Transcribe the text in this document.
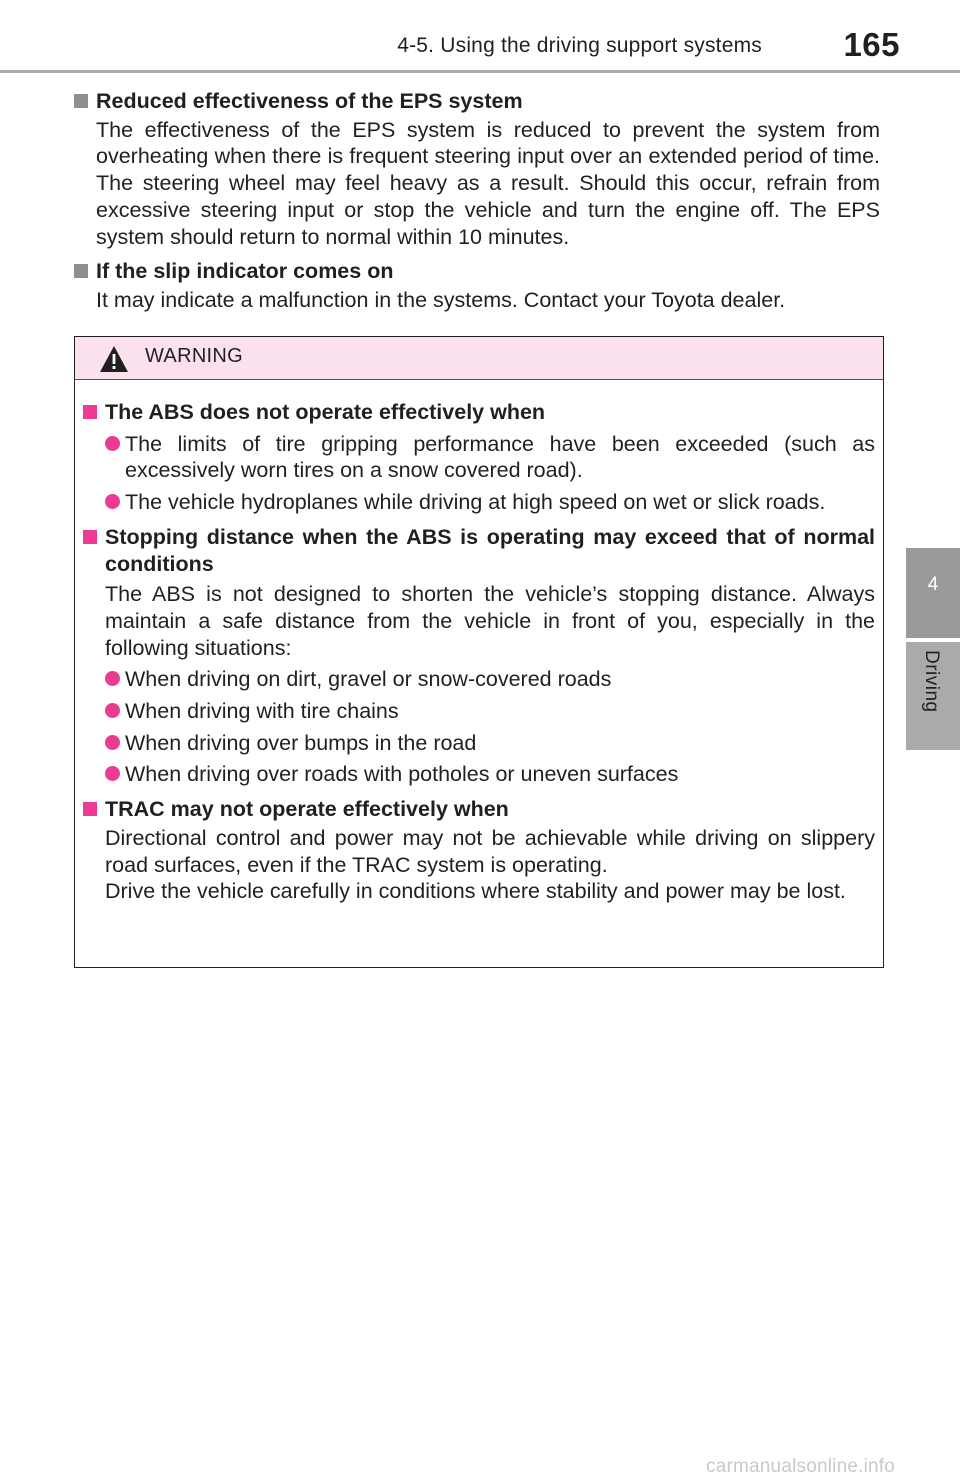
4-5. Using the driving support systems	165
4
Driving
Reduced effectiveness of the EPS system
The effectiveness of the EPS system is reduced to prevent the system from overheating when there is frequent steering input over an extended period of time. The steering wheel may feel heavy as a result. Should this occur, refrain from excessive steering input or stop the vehicle and turn the engine off. The EPS system should return to normal within 10 minutes.
If the slip indicator comes on
It may indicate a malfunction in the systems. Contact your Toyota dealer.
WARNING
The ABS does not operate effectively when
The limits of tire gripping performance have been exceeded (such as excessively worn tires on a snow covered road).
The vehicle hydroplanes while driving at high speed on wet or slick roads.
Stopping distance when the ABS is operating may exceed that of normal conditions
The ABS is not designed to shorten the vehicle’s stopping distance. Always maintain a safe distance from the vehicle in front of you, especially in the following situations:
When driving on dirt, gravel or snow-covered roads
When driving with tire chains
When driving over bumps in the road
When driving over roads with potholes or uneven surfaces
TRAC may not operate effectively when
Directional control and power may not be achievable while driving on slippery road surfaces, even if the TRAC system is operating.
Drive the vehicle carefully in conditions where stability and power may be lost.
carmanualsonline.info
